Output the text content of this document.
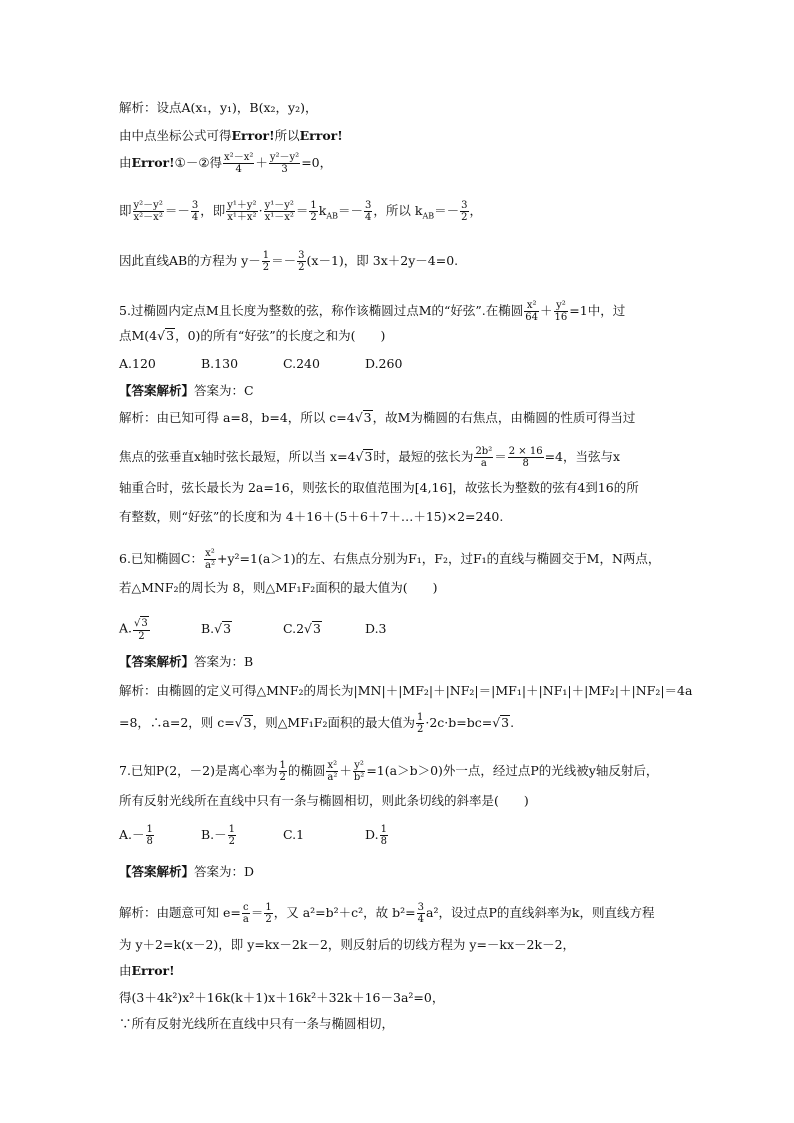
解析：设点A(x₁，y₁)，B(x₂，y₂)，
由中点坐标公式可得Error!所以Error!
由Error!①－②得 $\frac{\text{x²－x²}}{4} + \frac{\text{y²－y²}}{3} =0$，
即 $\frac{\text{y²－y²}}{\text{x²－x²}} =- \frac{3}{4}$ ，即 $\frac{\text{y¹＋y²}}{\text{x¹＋x²}} \cdot \frac{\text{y¹－y²}}{\text{x¹－x²}} = \frac{1}{2} k_{AB}=- \frac{3}{4}$ ，所以 $k_{AB}=- \frac{3}{2}$ ，
因此直线AB的方程为 $y- \frac{1}{2} =- \frac{3}{2} (x-1)$，即 3x＋2y－4=0.
5.过椭圆内定点M且长度为整数的弦，称作该椭圆过点M的“好弦”.在椭圆 $\frac{\text{x²}}{64} + \frac{\text{y²}}{16} =1$中，过
点M(4√3，0)的所有“好弦”的长度之和为(　　)
A.120	B.130	C.240	D.260
【答案解析】答案为：C
解析：由已知可得 a=8，b=4，所以 c=4√3，故M为椭圆的右焦点，由椭圆的性质可得当过
焦点的弦垂直x轴时弦长最短，所以当 x=4√3时，最短的弦长为 $\frac{\text{2b²}}{a} = \frac{2 \times 16}{8} =4$，当弦与x
轴重合时，弦长最长为 2a=16，则弦长的取值范围为[4,16]，故弦长为整数的弦有4到16的所
有整数，则“好弦”的长度和为 4＋16＋(5＋6＋7＋…＋15)×2=240.
6.已知椭圆C： $\frac{\text{x²}}{\text{a²}} +y^2=1(a>1)$的左、右焦点分别为F₁，F₂，过F₁的直线与椭圆交于M，N两点，
若△MNF₂的周长为 8，则△MF₁F₂面积的最大值为(　　)
A. $\frac{√3}{2}$	B.√3	C.2√3	D.3
【答案解析】答案为：B
解析：由椭圆的定义可得△MNF₂的周长为|MN|＋|MF₂|＋|NF₂|＝|MF₁|＋|NF₁|＋|MF₂|＋|NF₂|＝4a
=8，∴a=2，则 c=√3，则△MF₁F₂面积的最大值为 $\frac{1}{2} \cdot 2c\cdot b=bc=√3$.
7.已知P(2，－2)是离心率为 $\frac{1}{2}$ 的椭圆 $\frac{\text{x²}}{\text{a²}} + \frac{\text{y²}}{\text{b²}} =1(a>b>0)$外一点，经过点P的光线被y轴反射后，
所有反射光线所在直线中只有一条与椭圆相切，则此条切线的斜率是(　　)
$A.- \frac{1}{8}$	$B.- \frac{1}{2}$	C.1	D. $\frac{1}{8}$
【答案解析】答案为：D
解析：由题意可知 $e= \frac{c}{a} = \frac{1}{2}$ ，又 a²=b²＋c²，故 $b^2= \frac{3}{4} a^2$，设过点P的直线斜率为k，则直线方程
为 y＋2=k(x－2)，即 y=kx－2k－2，则反射后的切线方程为 y=－kx－2k－2，
由Error!
得(3＋4k²)x²＋16k(k＋1)x＋16k²＋32k＋16－3a²=0，
∵所有反射光线所在直线中只有一条与椭圆相切，
